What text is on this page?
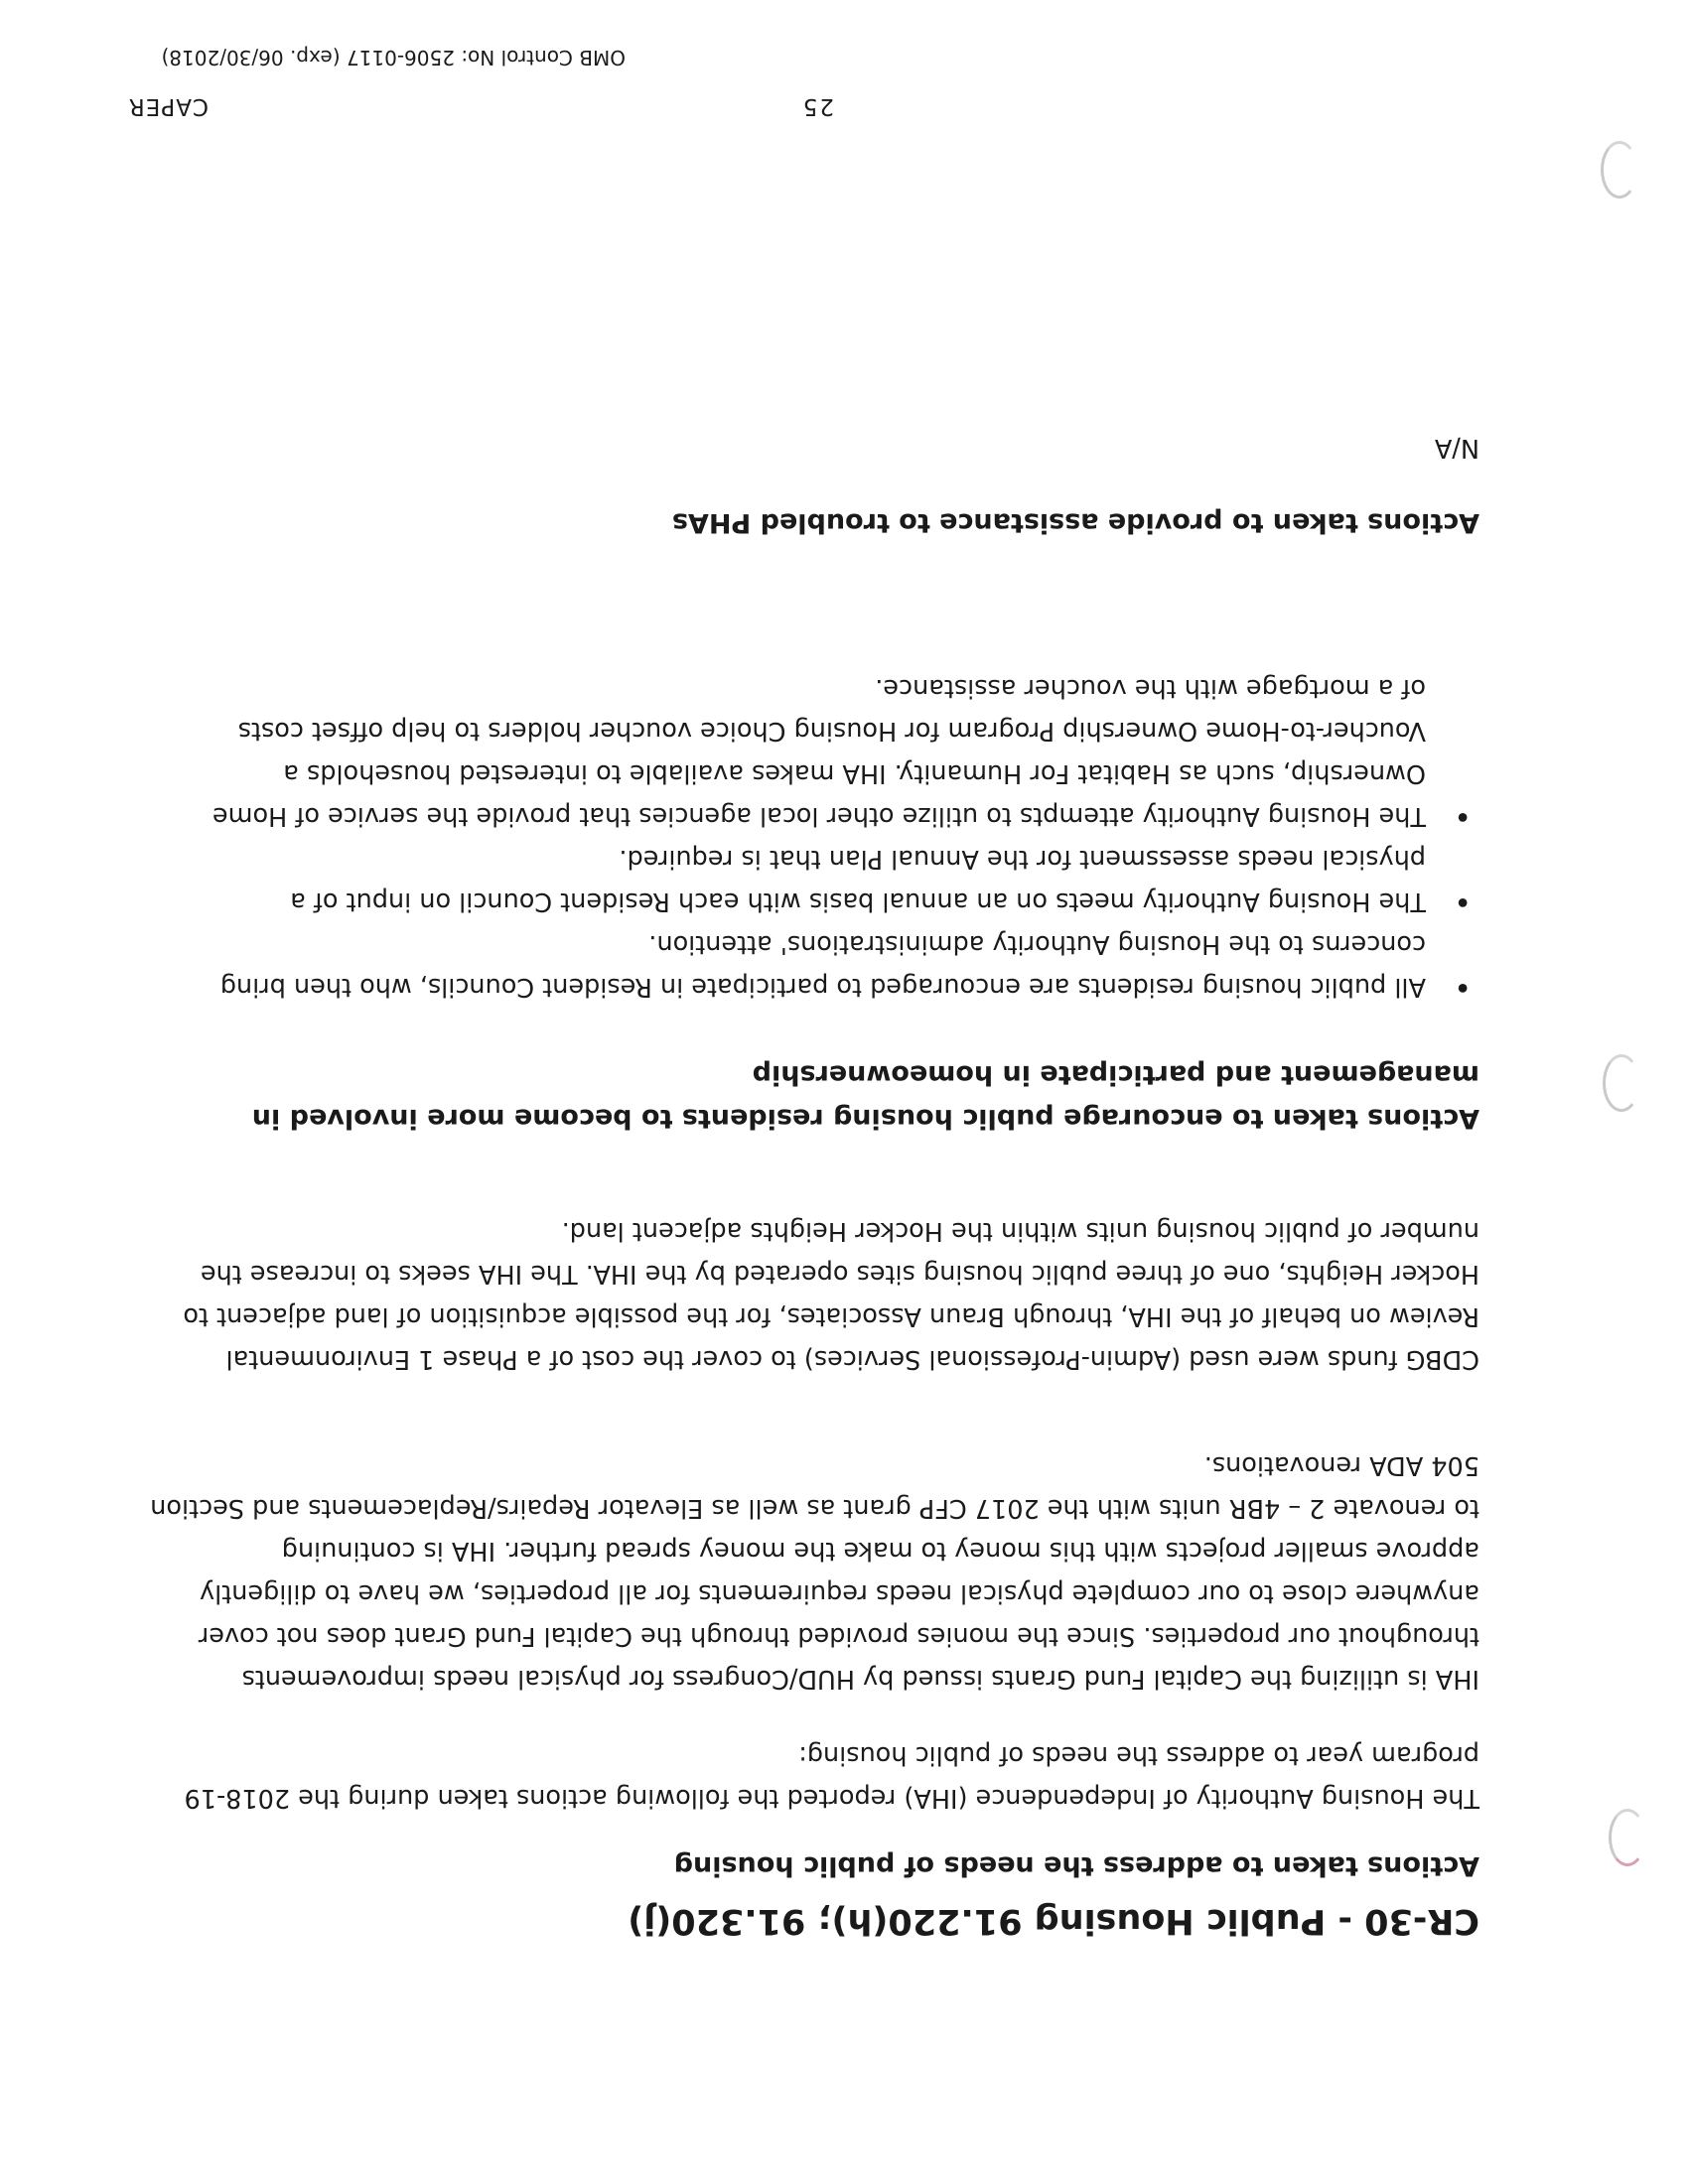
CR-30 - Public Housing 91.220(h); 91.320(j)
Actions taken to address the needs of public housing
The Housing Authority of Independence (IHA) reported the following actions taken during the 2018-19
program year to address the needs of public housing:
IHA is utilizing the Capital Fund Grants issued by HUD/Congress for physical needs improvements
throughout our properties. Since the monies provided through the Capital Fund Grant does not cover
anywhere close to our complete physical needs requirements for all properties, we have to diligently
approve smaller projects with this money to make the money spread further. IHA is continuing
to renovate 2 – 4BR units with the 2017 CFP grant as well as Elevator Repairs/Replacements and Section
504 ADA renovations.
CDBG funds were used (Admin-Professional Services) to cover the cost of a Phase 1 Environmental
Review on behalf of the IHA, through Braun Associates, for the possible acquisition of land adjacent to
Hocker Heights, one of three public housing sites operated by the IHA. The IHA seeks to increase the
number of public housing units within the Hocker Heights adjacent land.
Actions taken to encourage public housing residents to become more involved in
management and participate in homeownership
• All public housing residents are encouraged to participate in Resident Councils, who then bring
concerns to the Housing Authority administrations' attention.
• The Housing Authority meets on an annual basis with each Resident Council on input of a
physical needs assessment for the Annual Plan that is required.
• The Housing Authority attempts to utilize other local agencies that provide the service of Home
Ownership, such as Habitat For Humanity. IHA makes available to interested households a
Voucher-to-Home Ownership Program for Housing Choice voucher holders to help offset costs
of a mortgage with the voucher assistance.
Actions taken to provide assistance to troubled PHAs
N/A
CAPER	25
OMB Control No: 2506-0117 (exp. 06/30/2018)
